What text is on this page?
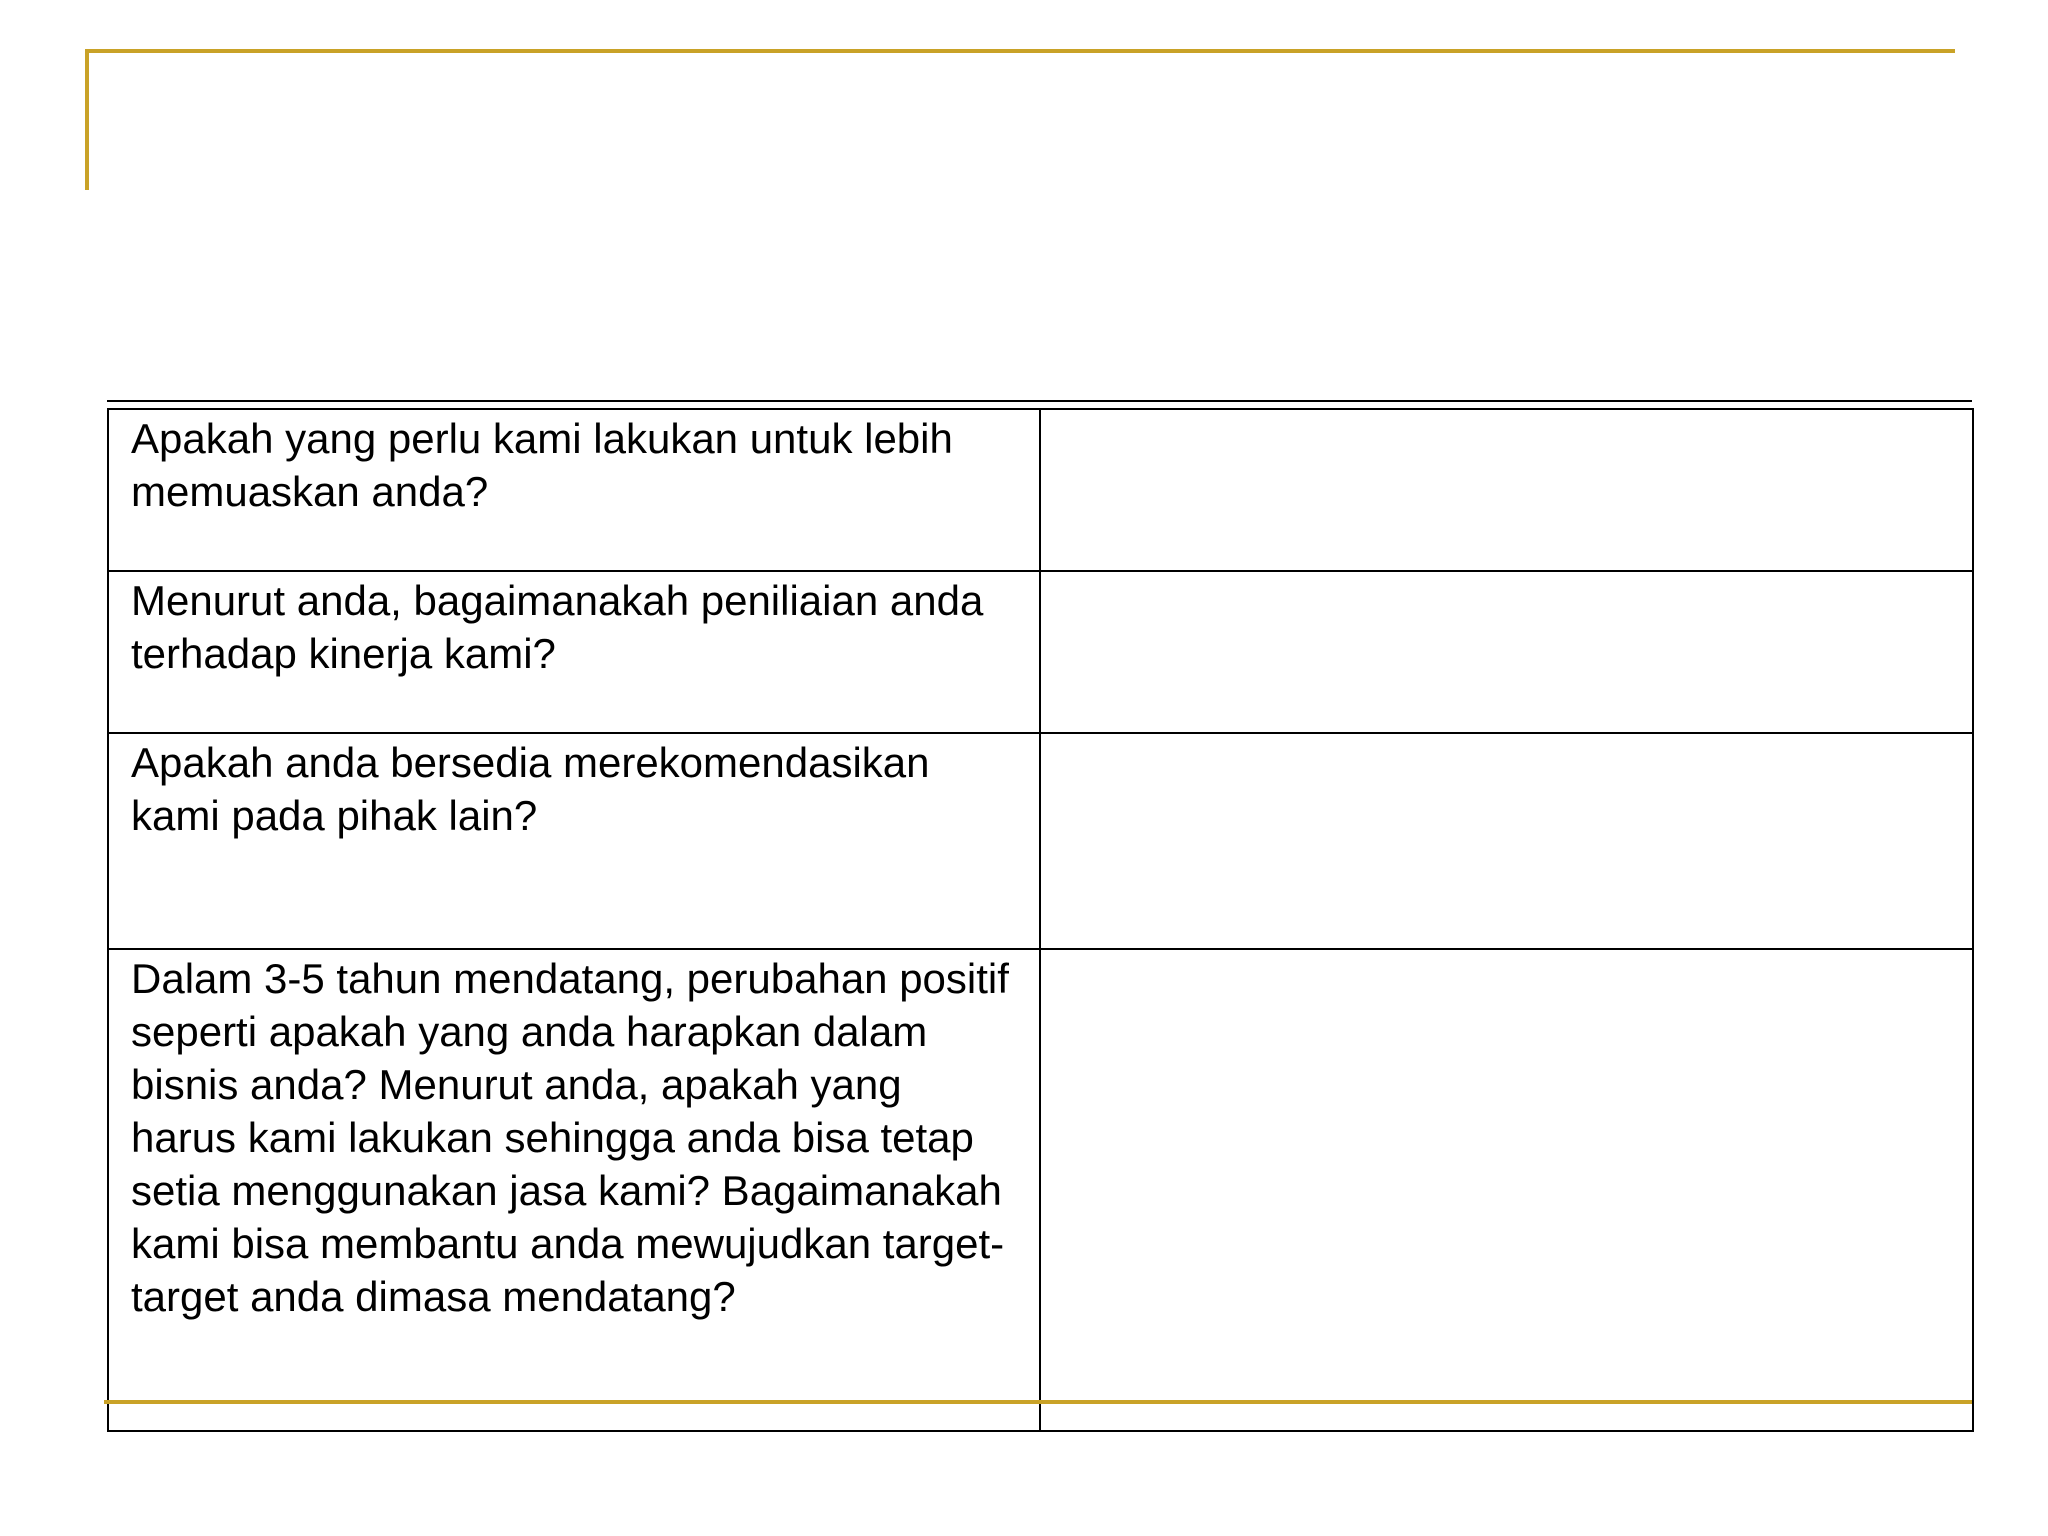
Apakah yang perlu kami lakukan untuk lebih memuaskan anda?	
Menurut anda, bagaimanakah peniliaian anda terhadap kinerja kami?	
Apakah anda bersedia merekomendasikan kami pada pihak lain?	
Dalam 3-5 tahun mendatang, perubahan positif seperti apakah yang anda harapkan dalam bisnis anda? Menurut anda, apakah yang harus kami lakukan sehingga anda bisa tetap setia menggunakan jasa kami? Bagaimanakah kami bisa membantu anda mewujudkan target-target anda dimasa mendatang?	
